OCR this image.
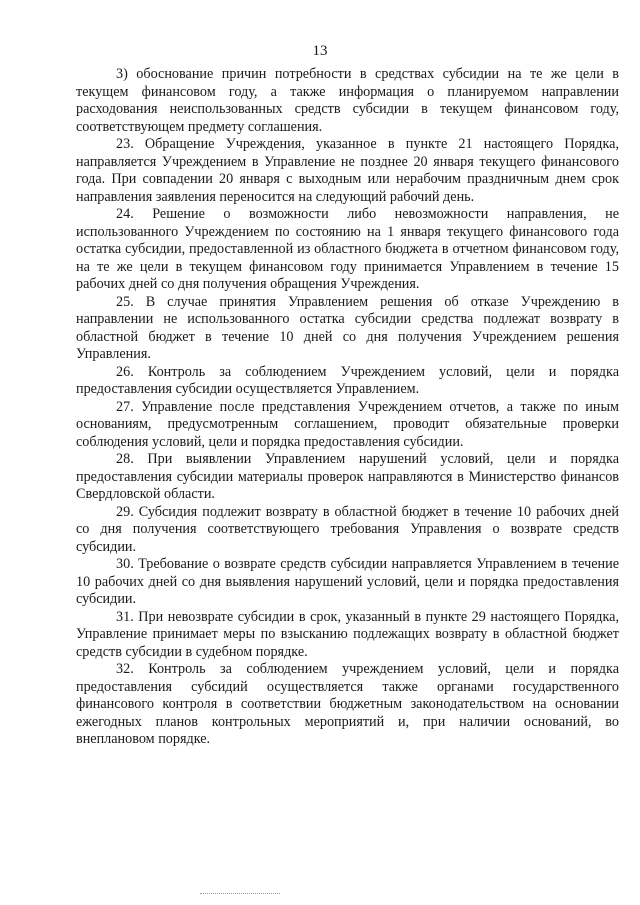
13

3) обоснование причин потребности в средствах субсидии на те же цели в текущем финансовом году, а также информация о планируемом направлении расходования неиспользованных средств субсидии в текущем финансовом году, соответствующем предмету соглашения.

23. Обращение Учреждения, указанное в пункте 21 настоящего Порядка, направляется Учреждением в Управление не позднее 20 января текущего финансового года. При совпадении 20 января с выходным или нерабочим праздничным днем срок направления заявления переносится на следующий рабочий день.

24. Решение о возможности либо невозможности направления, не использованного Учреждением по состоянию на 1 января текущего финансового года остатка субсидии, предоставленной из областного бюджета в отчетном финансовом году, на те же цели в текущем финансовом году принимается Управлением в течение 15 рабочих дней со дня получения обращения Учреждения.

25. В случае принятия Управлением решения об отказе Учреждению в направлении не использованного остатка субсидии средства подлежат возврату в областной бюджет в течение 10 дней со дня получения Учреждением решения Управления.

26. Контроль за соблюдением Учреждением условий, цели и порядка предоставления субсидии осуществляется Управлением.

27. Управление после представления Учреждением отчетов, а также по иным основаниям, предусмотренным соглашением, проводит обязательные проверки соблюдения условий, цели и порядка предоставления субсидии.

28. При выявлении Управлением нарушений условий, цели и порядка предоставления субсидии материалы проверок направляются в Министерство финансов Свердловской области.

29. Субсидия подлежит возврату в областной бюджет в течение 10 рабочих дней со дня получения соответствующего требования Управления о возврате средств субсидии.

30. Требование о возврате средств субсидии направляется Управлением в течение 10 рабочих дней со дня выявления нарушений условий, цели и порядка предоставления субсидии.

31. При невозврате субсидии в срок, указанный в пункте 29 настоящего Порядка, Управление принимает меры по взысканию подлежащих возврату в областной бюджет средств субсидии в судебном порядке.

32. Контроль за соблюдением учреждением условий, цели и порядка предоставления субсидий осуществляется также органами государственного финансового контроля в соответствии бюджетным законодательством на основании ежегодных планов контрольных мероприятий и, при наличии оснований, во внеплановом порядке.
